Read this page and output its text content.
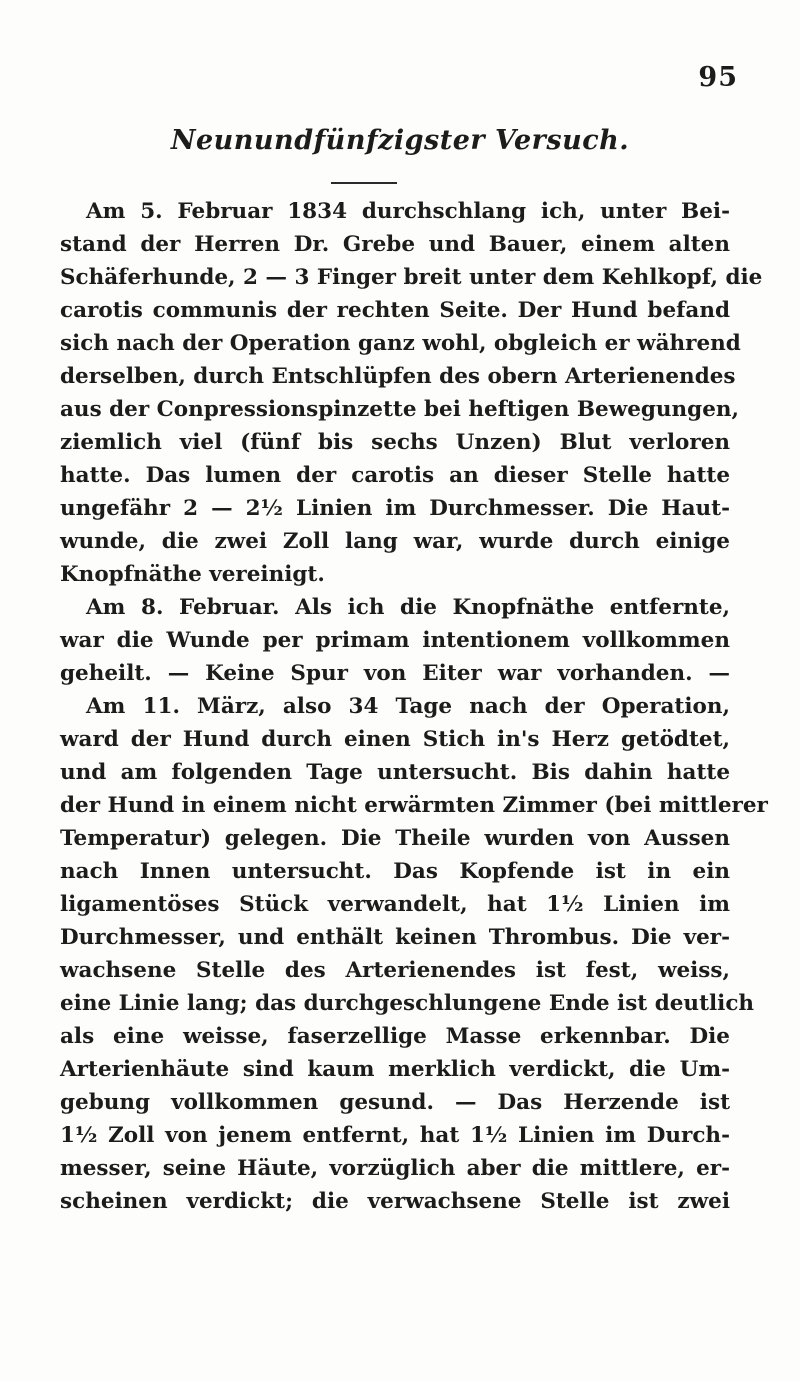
95
Neunundfünfzigster Versuch.
Am 5. Februar 1834 durchschlang ich, unter Bei-
stand der Herren Dr. Grebe und Bauer, einem alten
Schäferhunde, 2 — 3 Finger breit unter dem Kehlkopf, die
carotis communis der rechten Seite. Der Hund befand
sich nach der Operation ganz wohl, obgleich er während
derselben, durch Entschlüpfen des obern Arterienendes
aus der Conpressionspinzette bei heftigen Bewegungen,
ziemlich viel (fünf bis sechs Unzen) Blut verloren
hatte. Das lumen der carotis an dieser Stelle hatte
ungefähr 2 — 2½ Linien im Durchmesser. Die Haut-
wunde, die zwei Zoll lang war, wurde durch einige
Knopfnäthe vereinigt.
Am 8. Februar. Als ich die Knopfnäthe entfernte,
war die Wunde per primam intentionem vollkommen
geheilt. — Keine Spur von Eiter war vorhanden. —
Am 11. März, also 34 Tage nach der Operation,
ward der Hund durch einen Stich in's Herz getödtet,
und am folgenden Tage untersucht. Bis dahin hatte
der Hund in einem nicht erwärmten Zimmer (bei mittlerer
Temperatur) gelegen. Die Theile wurden von Aussen
nach Innen untersucht. Das Kopfende ist in ein
ligamentöses Stück verwandelt, hat 1½ Linien im
Durchmesser, und enthält keinen Thrombus. Die ver-
wachsene Stelle des Arterienendes ist fest, weiss,
eine Linie lang; das durchgeschlungene Ende ist deutlich
als eine weisse, faserzellige Masse erkennbar. Die
Arterienhäute sind kaum merklich verdickt, die Um-
gebung vollkommen gesund. — Das Herzende ist
1½ Zoll von jenem entfernt, hat 1½ Linien im Durch-
messer, seine Häute, vorzüglich aber die mittlere, er-
scheinen verdickt; die verwachsene Stelle ist zwei
